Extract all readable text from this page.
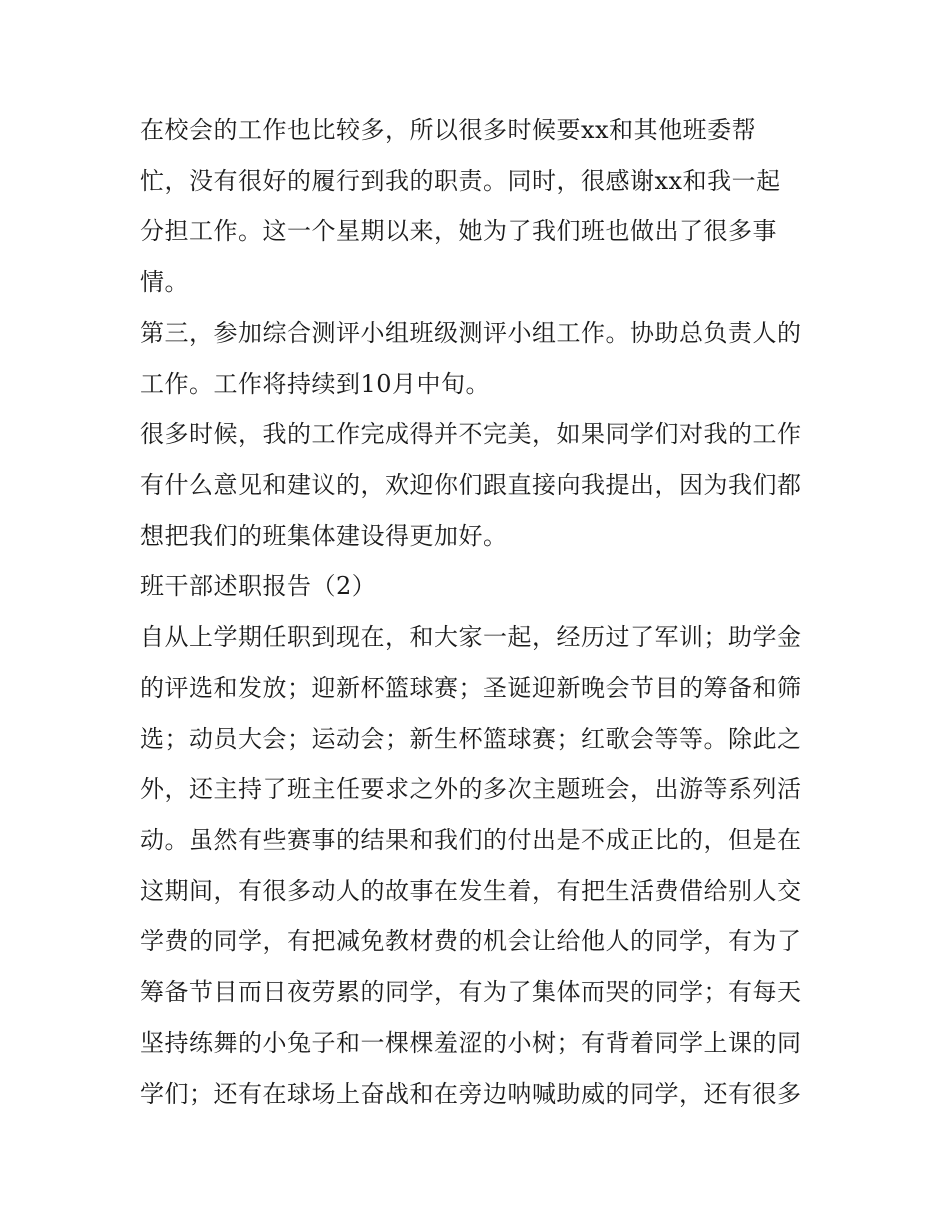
在校会的工作也比较多，所以很多时候要xx和其他班委帮
忙，没有很好的履行到我的职责。同时，很感谢xx和我一起
分担工作。这一个星期以来，她为了我们班也做出了很多事
情。
第三，参加综合测评小组班级测评小组工作。协助总负责人的
工作。工作将持续到10月中旬。
很多时候，我的工作完成得并不完美，如果同学们对我的工作
有什么意见和建议的，欢迎你们跟直接向我提出，因为我们都
想把我们的班集体建设得更加好。
班干部述职报告（2）
自从上学期任职到现在，和大家一起，经历过了军训；助学金
的评选和发放；迎新杯篮球赛；圣诞迎新晚会节目的筹备和筛
选；动员大会；运动会；新生杯篮球赛；红歌会等等。除此之
外，还主持了班主任要求之外的多次主题班会，出游等系列活
动。虽然有些赛事的结果和我们的付出是不成正比的，但是在
这期间，有很多动人的故事在发生着，有把生活费借给别人交
学费的同学，有把减免教材费的机会让给他人的同学，有为了
筹备节目而日夜劳累的同学，有为了集体而哭的同学；有每天
坚持练舞的小兔子和一棵棵羞涩的小树；有背着同学上课的同
学们；还有在球场上奋战和在旁边呐喊助威的同学，还有很多
